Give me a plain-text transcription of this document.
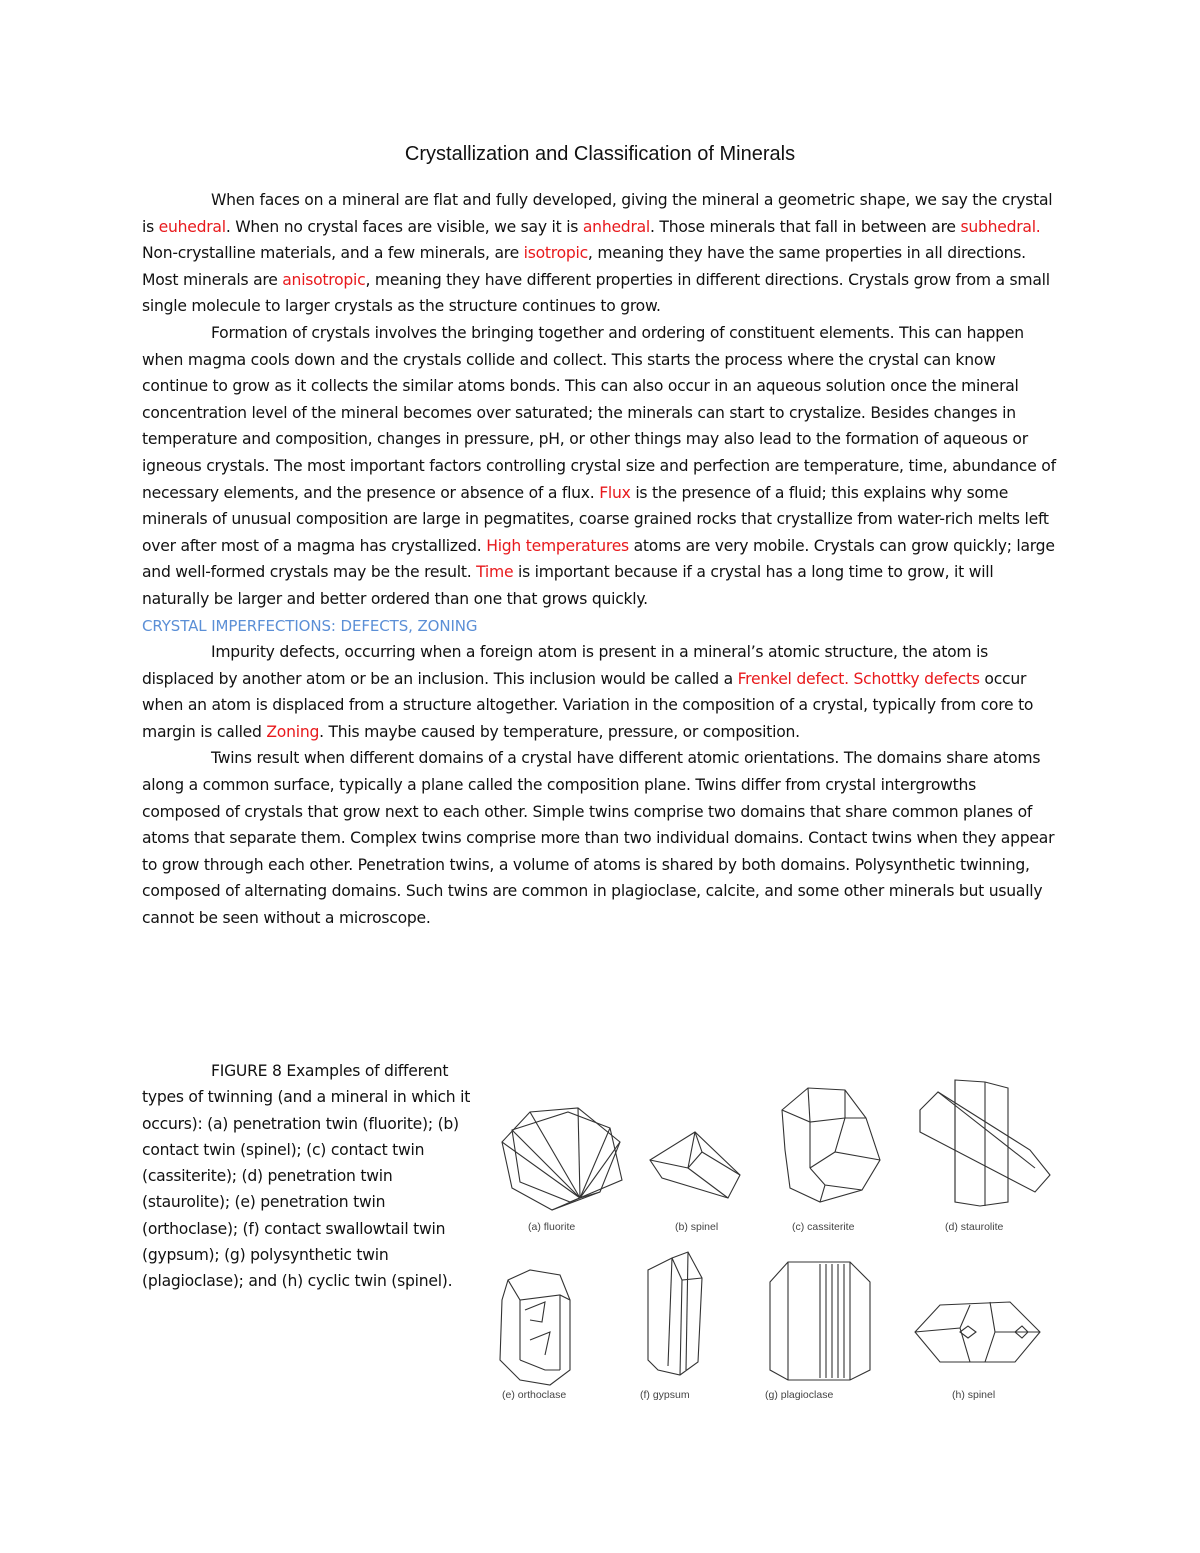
Crystallization and Classification of Minerals

When faces on a mineral are flat and fully developed, giving the mineral a geometric shape, we say the crystal is euhedral. When no crystal faces are visible, we say it is anhedral. Those minerals that fall in between are subhedral. Non-crystalline materials, and a few minerals, are isotropic, meaning they have the same properties in all directions. Most minerals are anisotropic, meaning they have different properties in different directions. Crystals grow from a small single molecule to larger crystals as the structure continues to grow.

Formation of crystals involves the bringing together and ordering of constituent elements. This can happen when magma cools down and the crystals collide and collect. This starts the process where the crystal can know continue to grow as it collects the similar atoms bonds. This can also occur in an aqueous solution once the mineral concentration level of the mineral becomes over saturated; the minerals can start to crystalize. Besides changes in temperature and composition, changes in pressure, pH, or other things may also lead to the formation of aqueous or igneous crystals. The most important factors controlling crystal size and perfection are temperature, time, abundance of necessary elements, and the presence or absence of a flux. Flux is the presence of a fluid; this explains why some minerals of unusual composition are large in pegmatites, coarse grained rocks that crystallize from water-rich melts left over after most of a magma has crystallized. High temperatures atoms are very mobile. Crystals can grow quickly; large and well-formed crystals may be the result. Time is important because if a crystal has a long time to grow, it will naturally be larger and better ordered than one that grows quickly.

CRYSTAL IMPERFECTIONS: DEFECTS, ZONING

Impurity defects, occurring when a foreign atom is present in a mineral’s atomic structure, the atom is displaced by another atom or be an inclusion. This inclusion would be called a Frenkel defect. Schottky defects occur when an atom is displaced from a structure altogether. Variation in the composition of a crystal, typically from core to margin is called Zoning. This maybe caused by temperature, pressure, or composition.

Twins result when different domains of a crystal have different atomic orientations. The domains share atoms along a common surface, typically a plane called the composition plane. Twins differ from crystal intergrowths composed of crystals that grow next to each other. Simple twins comprise two domains that share common planes of atoms that separate them. Complex twins comprise more than two individual domains. Contact twins when they appear to grow through each other. Penetration twins, a volume of atoms is shared by both domains. Polysynthetic twinning, composed of alternating domains. Such twins are common in plagioclase, calcite, and some other minerals but usually cannot be seen without a microscope.

FIGURE 8 Examples of different types of twinning (and a mineral in which it occurs): (a) penetration twin (fluorite); (b) contact twin (spinel); (c) contact twin (cassiterite); (d) penetration twin (staurolite); (e) penetration twin (orthoclase); (f) contact swallowtail twin (gypsum); (g) polysynthetic twin (plagioclase); and (h) cyclic twin (spinel).

(a) fluorite	(b) spinel	(c) cassiterite	(d) staurolite
(e) orthoclase	(f) gypsum	(g) plagioclase	(h) spinel
